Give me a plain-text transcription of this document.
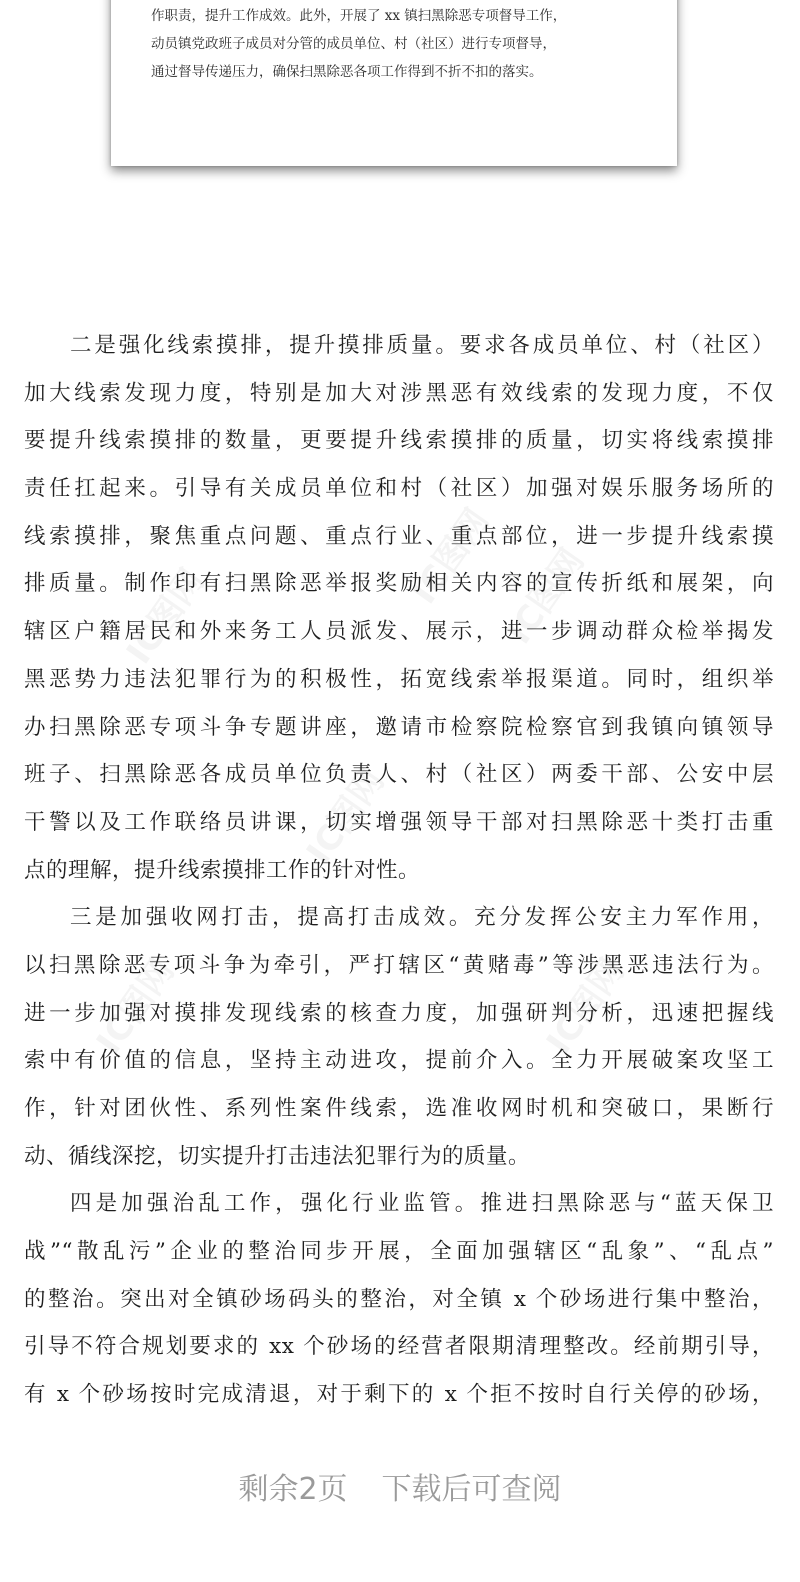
作职责，提升工作成效。此外，开展了 xx 镇扫黑除恶专项督导工作，
动员镇党政班子成员对分管的成员单位、村（社区）进行专项督导，
通过督导传递压力，确保扫黑除恶各项工作得到不折不扣的落实。
IC图网 IC图网
IC图网
IC图网
IC图网
IC图网
二是强化线索摸排，提升摸排质量。要求各成员单位、村（社区）
加大线索发现力度，特别是加大对涉黑恶有效线索的发现力度，不仅
要提升线索摸排的数量，更要提升线索摸排的质量，切实将线索摸排
责任扛起来。引导有关成员单位和村（社区）加强对娱乐服务场所的
线索摸排，聚焦重点问题、重点行业、重点部位，进一步提升线索摸
排质量。制作印有扫黑除恶举报奖励相关内容的宣传折纸和展架，向
辖区户籍居民和外来务工人员派发、展示，进一步调动群众检举揭发
黑恶势力违法犯罪行为的积极性，拓宽线索举报渠道。同时，组织举
办扫黑除恶专项斗争专题讲座，邀请市检察院检察官到我镇向镇领导
班子、扫黑除恶各成员单位负责人、村（社区）两委干部、公安中层
干警以及工作联络员讲课，切实增强领导干部对扫黑除恶十类打击重
点的理解，提升线索摸排工作的针对性。
三是加强收网打击，提高打击成效。充分发挥公安主力军作用，
以扫黑除恶专项斗争为牵引，严打辖区“黄赌毒”等涉黑恶违法行为。
进一步加强对摸排发现线索的核查力度，加强研判分析，迅速把握线
索中有价值的信息，坚持主动进攻，提前介入。全力开展破案攻坚工
作，针对团伙性、系列性案件线索，选准收网时机和突破口，果断行
动、循线深挖，切实提升打击违法犯罪行为的质量。
四是加强治乱工作，强化行业监管。推进扫黑除恶与“蓝天保卫
战”“散乱污”企业的整治同步开展，全面加强辖区“乱象”、“乱点”
的整治。突出对全镇砂场码头的整治，对全镇 x 个砂场进行集中整治，
引导不符合规划要求的 xx 个砂场的经营者限期清理整改。经前期引导，
有 x 个砂场按时完成清退，对于剩下的 x 个拒不按时自行关停的砂场，
剩余2页 下载后可查阅
